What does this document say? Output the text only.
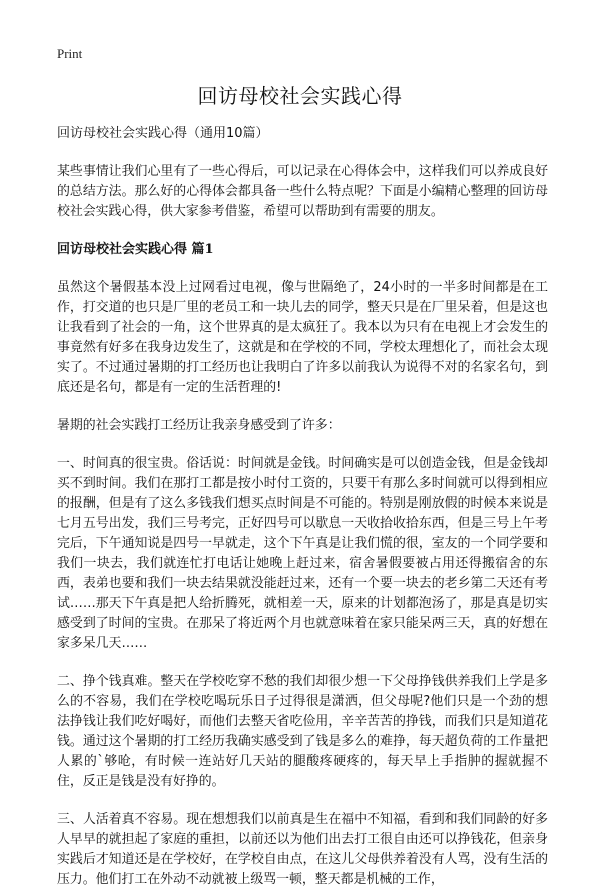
Print
回访母校社会实践心得
回访母校社会实践心得（通用10篇）

某些事情让我们心里有了一些心得后，可以记录在心得体会中，这样我们可以养成良好的总结方法。那么好的心得体会都具备一些什么特点呢？下面是小编精心整理的回访母校社会实践心得，供大家参考借鉴，希望可以帮助到有需要的朋友。

回访母校社会实践心得 篇1

虽然这个暑假基本没上过网看过电视，像与世隔绝了，24小时的一半多时间都是在工作，打交道的也只是厂里的老员工和一块儿去的同学，整天只是在厂里呆着，但是这也让我看到了社会的一角，这个世界真的是太疯狂了。我本以为只有在电视上才会发生的事竟然有好多在我身边发生了，这就是和在学校的不同，学校太理想化了，而社会太现实了。不过通过暑期的打工经历也让我明白了许多以前我认为说得不对的名家名句，到底还是名句，都是有一定的生活哲理的!

暑期的社会实践打工经历让我亲身感受到了许多：

一、时间真的很宝贵。俗话说：时间就是金钱。时间确实是可以创造金钱，但是金钱却买不到时间。我们在那打工都是按小时付工资的，只要干有那么多时间就可以得到相应的报酬，但是有了这么多钱我们想买点时间是不可能的。特别是刚放假的时候本来说是七月五号出发，我们三号考完，正好四号可以歇息一天收拾收拾东西，但是三号上午考完后，下午通知说是四号一早就走，这个下午真是让我们慌的很，室友的一个同学要和我们一块去，我们就连忙打电话让她晚上赶过来，宿舍暑假要被占用还得搬宿舍的东西，表弟也要和我们一块去结果就没能赶过来，还有一个要一块去的老乡第二天还有考试……那天下午真是把人给折腾死，就相差一天，原来的计划都泡汤了，那是真是切实感受到了时间的宝贵。在那呆了将近两个月也就意味着在家只能呆两三天，真的好想在家多呆几天……

二、挣个钱真难。整天在学校吃穿不愁的我们却很少想一下父母挣钱供养我们上学是多么的不容易，我们在学校吃喝玩乐日子过得很是潇洒，但父母呢?他们只是一个劲的想法挣钱让我们吃好喝好，而他们去整天省吃俭用，辛辛苦苦的挣钱，而我们只是知道花钱。通过这个暑期的打工经历我确实感受到了钱是多么的难挣，每天超负荷的工作量把人累的`够呛，有时候一连站好几天站的腿酸疼硬疼的，每天早上手指肿的握就握不住，反正是钱是没有好挣的。

三、人活着真不容易。现在想想我们以前真是生在福中不知福，看到和我们同龄的好多人早早的就担起了家庭的重担，以前还以为他们出去打工很自由还可以挣钱花，但亲身实践后才知道还是在学校好，在学校自由点，在这儿父母供养着没有人骂，没有生活的压力。他们打工在外动不动就被上级骂一顿，整天都是机械的工作，
